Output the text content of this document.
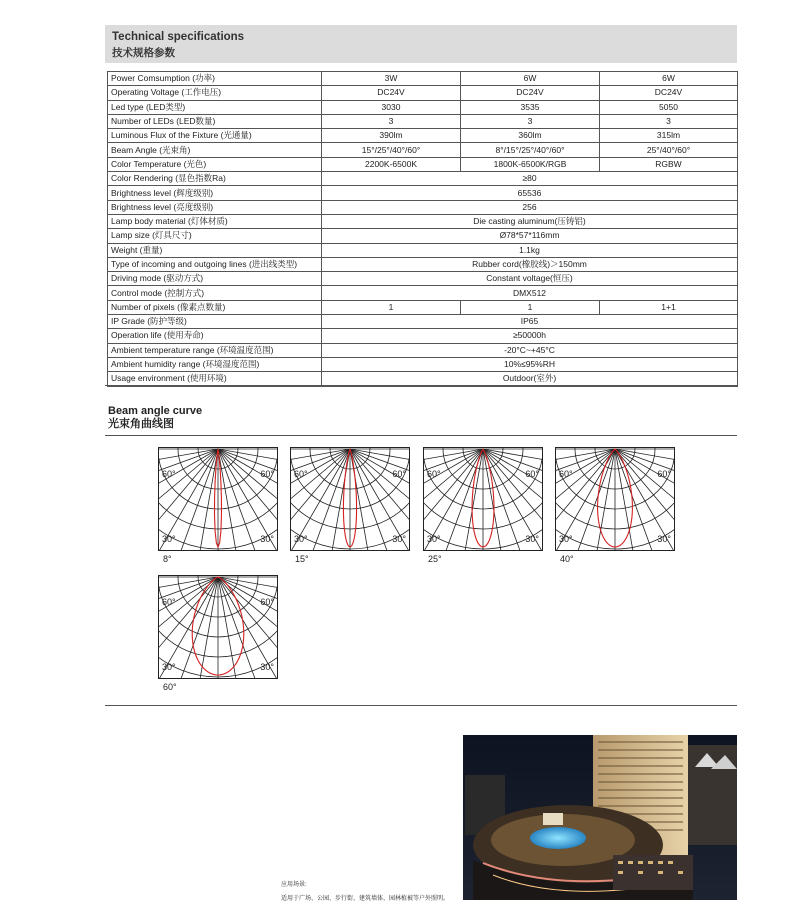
Technical specifications
技术规格参数
Power Comsumption (功率)	3W	6W	6W
Operating Voltage (工作电压)	DC24V	DC24V	DC24V
Led type (LED类型)	3030	3535	5050
Number of LEDs (LED数量)	3	3	3
Luminous Flux of the Fixture (光通量)	390lm	360lm	315lm
Beam Angle (光束角)	15°/25°/40°/60°	8°/15°/25°/40°/60°	25°/40°/60°
Color Temperature (光色)	2200K-6500K	1800K-6500K/RGB	RGBW
Color Rendering (显色指数Ra)	≥80		
Brightness level (辉度级别)	65536		
Brightness level (亮度级别)	256		
Lamp body material (灯体材质)	Die casting aluminum(压铸铝)		
Lamp size (灯具尺寸)	Ø78*57*116mm		
Weight (重量)	1.1kg		
Type of incoming and outgoing lines (进出线类型)	Rubber cord(橡胶线)＞150mm		
Driving mode (驱动方式)	Constant voltage(恒压)		
Control mode (控制方式)	DMX512		
Number of pixels (像素点数量)	1	1	1+1
IP Grade (防护等级)	IP65		
Operation life (使用寿命)	≥50000h		
Ambient temperature range (环境温度范围)	-20°C~+45°C		
Ambient humidity range (环境湿度范围)	10%≤95%RH		
Usage environment (使用环境)	Outdoor(室外)		
Beam angle curve
光束角曲线图
60°	60°
30°	30°
8°
60°	60°
30°	30°
15°
60°	60°
30°	30°
25°
60°	60°
30°	30°
40°
60°	60°
30°	30°
60°
应用场景:
适用于广场、公园、步行街、建筑墙体、园林植被等户外照明。
